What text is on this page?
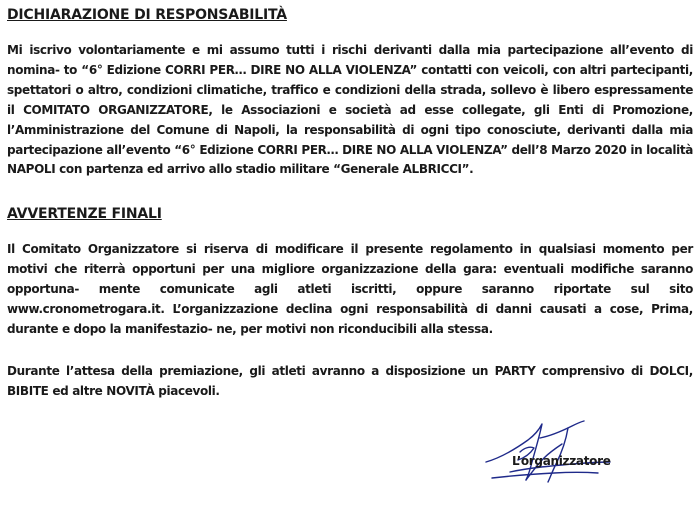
DICHIARAZIONE DI RESPONSABILITÀ

Mi iscrivo volontariamente e mi assumo tutti i rischi derivanti dalla mia partecipazione all’evento di nomina- to “6° Edizione CORRI PER… DIRE NO ALLA VIOLENZA” contatti con veicoli, con altri partecipanti, spettatori o altro, condizioni climatiche, traffico e condizioni della strada, sollevo è libero espressamente il COMITATO ORGANIZZATORE, le Associazioni e società ad esse collegate, gli Enti di Promozione, l’Amministrazione del Comune di Napoli, la responsabilità di ogni tipo conosciute, derivanti dalla mia partecipazione all’evento “6° Edizione CORRI PER… DIRE NO ALLA VIOLENZA” dell’8 Marzo 2020 in località NAPOLI con partenza ed arrivo allo stadio militare “Generale ALBRICCI”.

AVVERTENZE FINALI

Il Comitato Organizzatore si riserva di modificare il presente regolamento in qualsiasi momento per motivi che riterrà opportuni per una migliore organizzazione della gara: eventuali modifiche saranno opportuna- mente comunicate agli atleti iscritti, oppure saranno riportate sul sito www.cronometrogara.it. L’organizzazione declina ogni responsabilità di danni causati a cose, Prima, durante e dopo la manifestazio- ne, per motivi non riconducibili alla stessa.

Durante l’attesa della premiazione, gli atleti avranno a disposizione un PARTY comprensivo di DOLCI, BIBITE ed altre NOVITÀ piacevoli.

L’organizzatore
